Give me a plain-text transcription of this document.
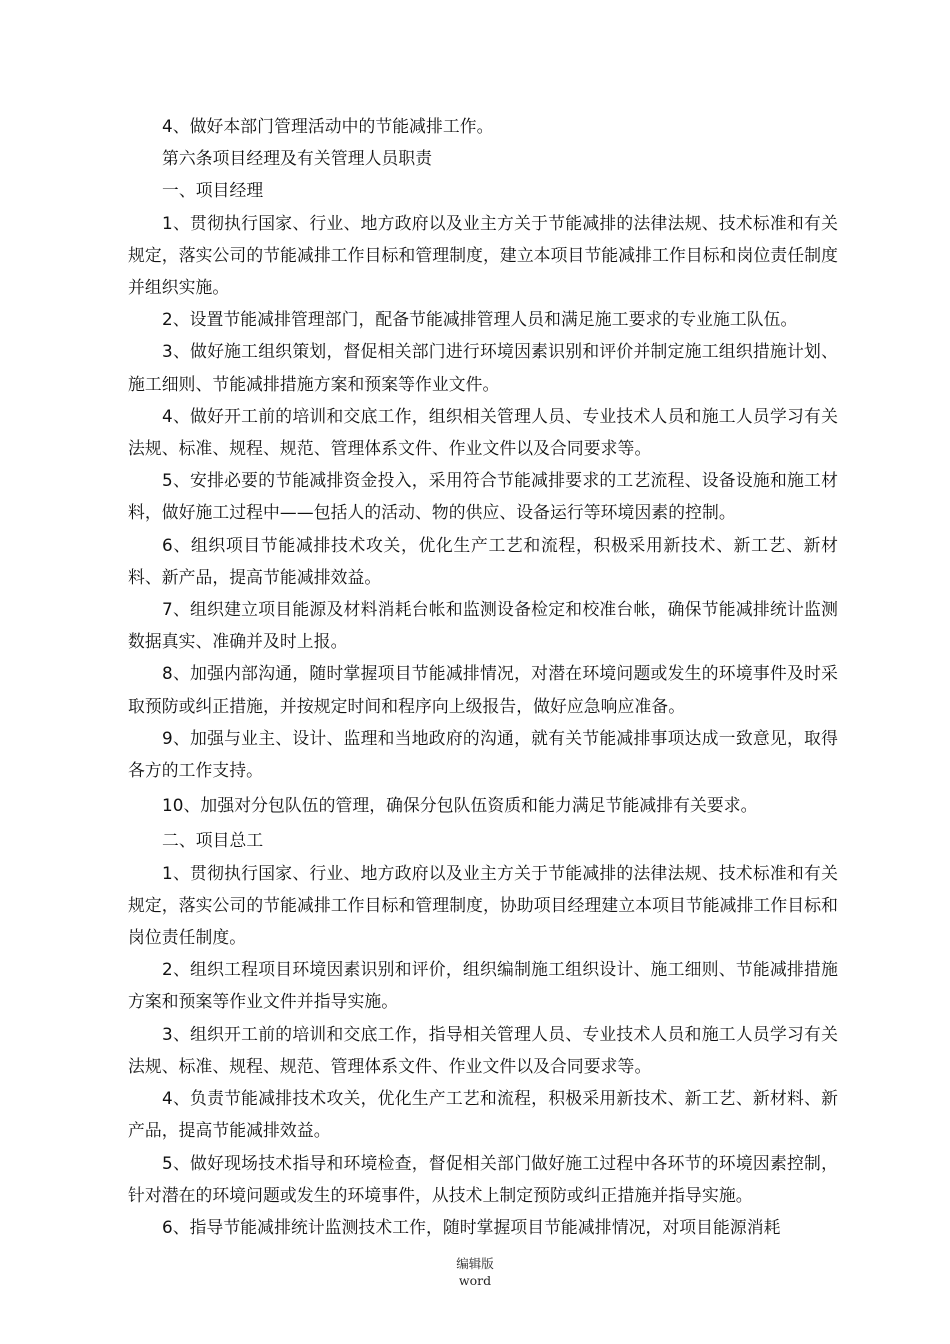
4、做好本部门管理活动中的节能减排工作。

第六条项目经理及有关管理人员职责

一、项目经理

1、贯彻执行国家、行业、地方政府以及业主方关于节能减排的法律法规、技术标准和有关规定，落实公司的节能减排工作目标和管理制度，建立本项目节能减排工作目标和岗位责任制度并组织实施。

2、设置节能减排管理部门，配备节能减排管理人员和满足施工要求的专业施工队伍。

3、做好施工组织策划，督促相关部门进行环境因素识别和评价并制定施工组织措施计划、施工细则、节能减排措施方案和预案等作业文件。

4、做好开工前的培训和交底工作，组织相关管理人员、专业技术人员和施工人员学习有关法规、标准、规程、规范、管理体系文件、作业文件以及合同要求等。

5、安排必要的节能减排资金投入，采用符合节能减排要求的工艺流程、设备设施和施工材料，做好施工过程中——包括人的活动、物的供应、设备运行等环境因素的控制。

6、组织项目节能减排技术攻关，优化生产工艺和流程，积极采用新技术、新工艺、新材料、新产品，提高节能减排效益。

7、组织建立项目能源及材料消耗台帐和监测设备检定和校准台帐，确保节能减排统计监测数据真实、准确并及时上报。

8、加强内部沟通，随时掌握项目节能减排情况，对潜在环境问题或发生的环境事件及时采取预防或纠正措施，并按规定时间和程序向上级报告，做好应急响应准备。

9、加强与业主、设计、监理和当地政府的沟通，就有关节能减排事项达成一致意见，取得各方的工作支持。

10、加强对分包队伍的管理，确保分包队伍资质和能力满足节能减排有关要求。

二、项目总工

1、贯彻执行国家、行业、地方政府以及业主方关于节能减排的法律法规、技术标准和有关规定，落实公司的节能减排工作目标和管理制度，协助项目经理建立本项目节能减排工作目标和岗位责任制度。

2、组织工程项目环境因素识别和评价，组织编制施工组织设计、施工细则、节能减排措施方案和预案等作业文件并指导实施。

3、组织开工前的培训和交底工作，指导相关管理人员、专业技术人员和施工人员学习有关法规、标准、规程、规范、管理体系文件、作业文件以及合同要求等。

4、负责节能减排技术攻关，优化生产工艺和流程，积极采用新技术、新工艺、新材料、新产品，提高节能减排效益。

5、做好现场技术指导和环境检查，督促相关部门做好施工过程中各环节的环境因素控制，针对潜在的环境问题或发生的环境事件，从技术上制定预防或纠正措施并指导实施。

6、指导节能减排统计监测技术工作，随时掌握项目节能减排情况，对项目能源消耗

编辑版
word
